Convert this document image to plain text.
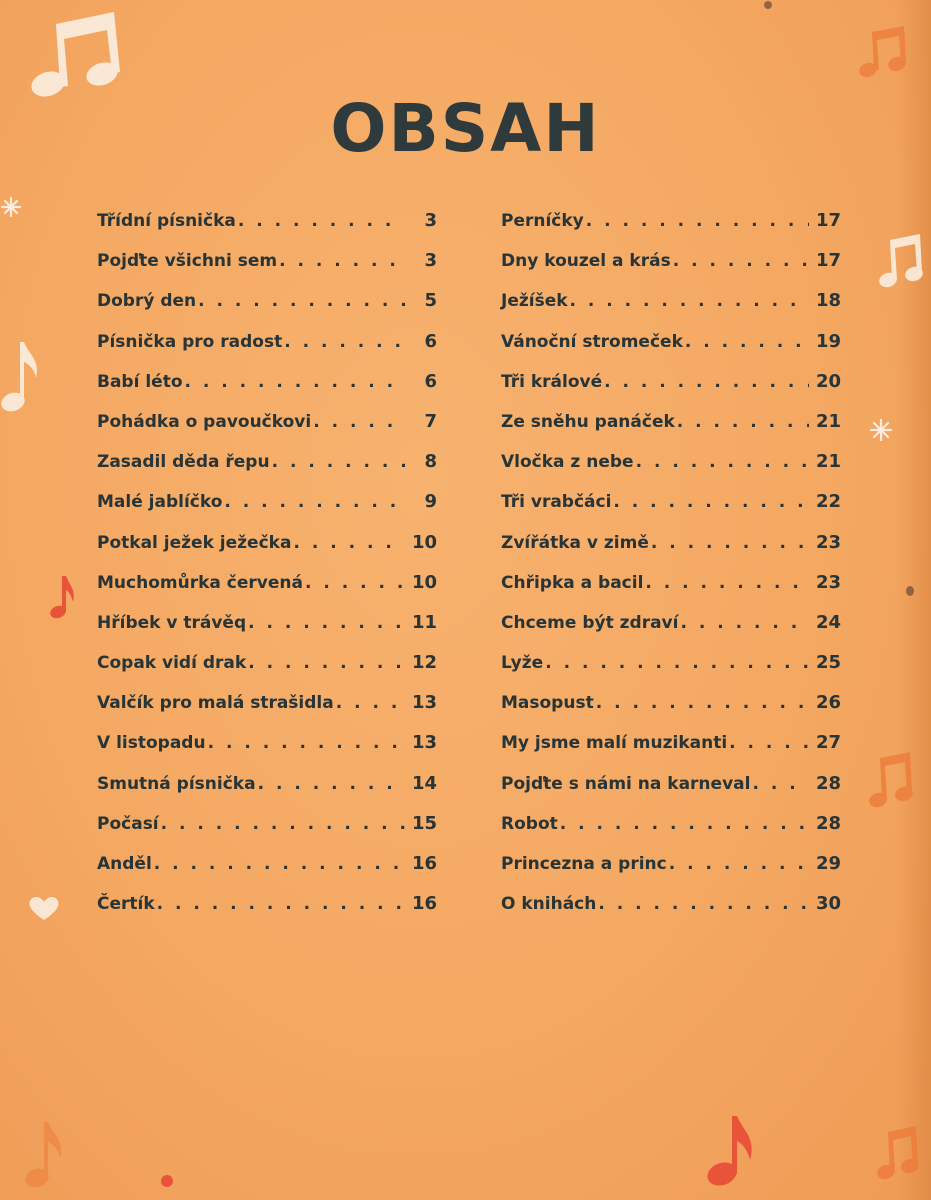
OBSAH
Třídní písnička . . .	3
Pojďte všichni sem . . .	3
Dobrý den . . .	5
Písnička pro radost . . .	6
Babí léto . . .	6
Pohádka o pavoučkovi . . .	7
Zasadil děda řepu . . .	8
Malé jablíčko . . .	9
Potkal ježek ježečka . . .	10
Muchomůrka červená . . .	10
Hříbek v trávěq . . .	11
Copak vidí drak . . .	12
Valčík pro malá strašidla . . .	13
V listopadu . . .	13
Smutná písnička . . .	14
Počasí . . .	15
Anděl . . .	16
Čertík . . .	16
Perníčky . . .	17
Dny kouzel a krás . . .	17
Ježíšek . . .	18
Vánoční stromeček . . .	19
Tři králové . . .	20
Ze sněhu panáček . . .	21
Vločka z nebe . . .	21
Tři vrabčáci . . .	22
Zvířátka v zimě . . .	23
Chřipka a bacil . . .	23
Chceme být zdraví . . .	24
Lyže . . .	25
Masopust . . .	26
My jsme malí muzikanti . . .	27
Pojďte s námi na karneval . . .	28
Robot . . .	28
Princezna a princ . . .	29
O knihách . . .	30
